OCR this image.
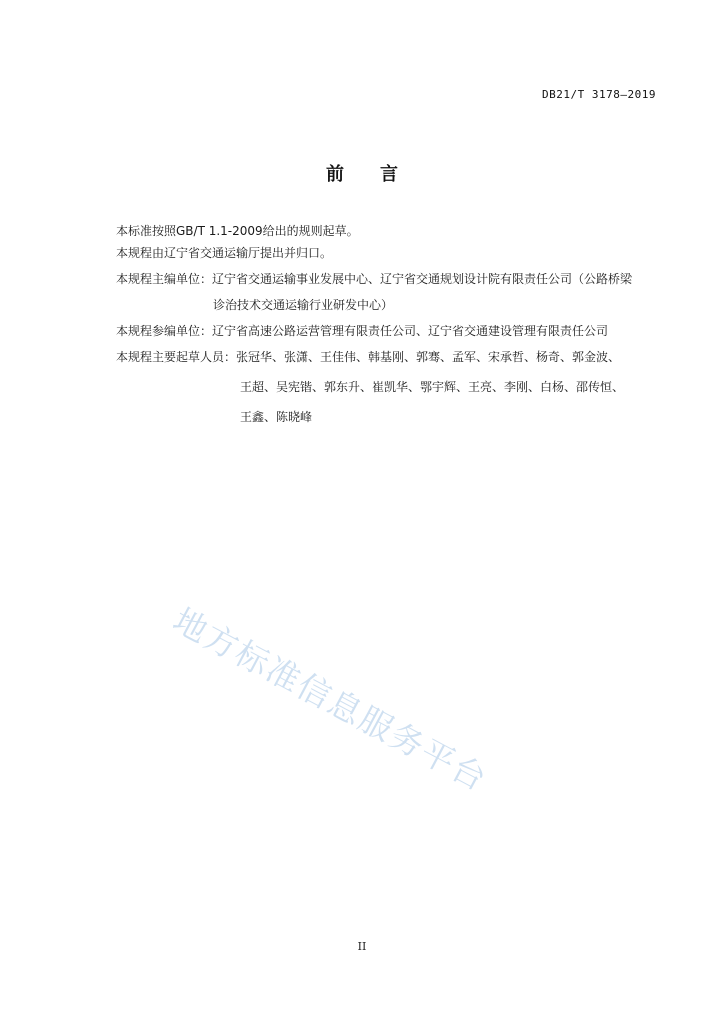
DB21/T 3178—2019
前言
本标准按照GB/T 1.1-2009给出的规则起草。
本规程由辽宁省交通运输厅提出并归口。
本规程主编单位：辽宁省交通运输事业发展中心、辽宁省交通规划设计院有限责任公司（公路桥梁
诊治技术交通运输行业研发中心）
本规程参编单位：辽宁省高速公路运营管理有限责任公司、辽宁省交通建设管理有限责任公司
本规程主要起草人员：张冠华、张潇、王佳伟、韩基刚、郭骞、孟军、宋承哲、杨奇、郭金波、
王超、吴宪锴、郭东升、崔凯华、鄂宇辉、王亮、李刚、白杨、邵传恒、
王鑫、陈晓峰
地方标准信息服务平台
II
